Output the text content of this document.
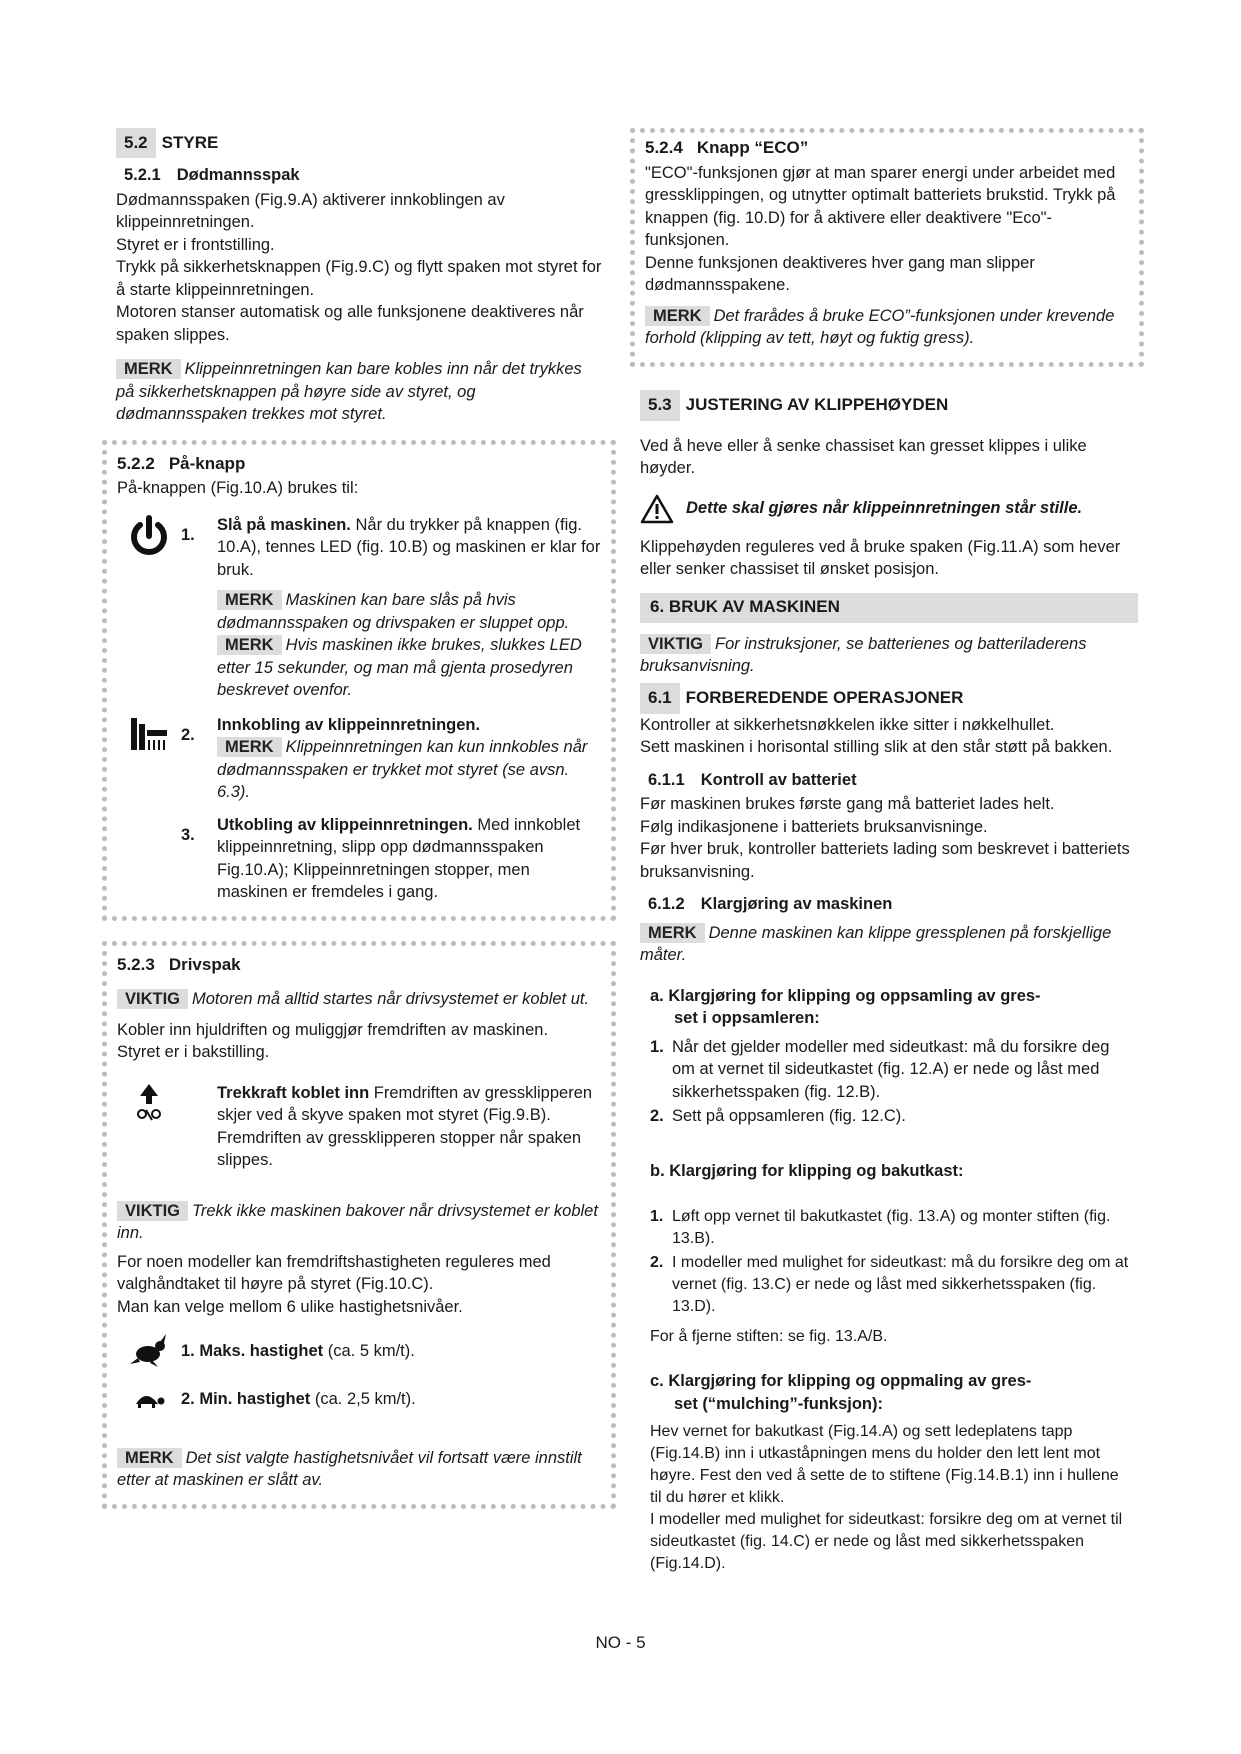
5.2 STYRE
5.2.1 Dødmannsspak

Dødmannsspaken (Fig.9.A) aktiverer innkoblingen av klippeinnretningen.

Styret er i frontstilling.

Trykk på sikkerhetsknappen (Fig.9.C) og flytt spaken mot styret for å starte klippeinnretningen.

Motoren stanser automatisk og alle funksjonene deaktiveres når spaken slippes.

MERK Klippeinnretningen kan bare kobles inn når det trykkes på sikkerhetsknappen på høyre side av styret, og dødmannsspaken trekkes mot styret.

5.2.2 På-knapp

På-knappen (Fig.10.A) brukes til:

1.
Slå på maskinen. Når du trykker på knappen (fig. 10.A), tennes LED (fig. 10.B) og maskinen er klar for bruk.

MERK Maskinen kan bare slås på hvis dødmannsspaken og drivspaken er sluppet opp.

MERK Hvis maskinen ikke brukes, slukkes LED etter 15 sekunder, og man må gjenta prosedyren beskrevet ovenfor.

2.
Innkobling av klippeinnretningen.

MERK Klippeinnretningen kan kun innkobles når dødmannsspaken er trykket mot styret (se avsn. 6.3).

3.
Utkobling av klippeinnretningen. Med innkoblet klippeinnretning, slipp opp dødmannsspaken Fig.10.A); Klippeinnretningen stopper, men maskinen er fremdeles i gang.
5.2.3 Drivspak

VIKTIG Motoren må alltid startes når drivsystemet er koblet ut.

Kobler inn hjuldriften og muliggjør fremdriften av maskinen.

Styret er i bakstilling.

Trekkraft koblet inn Fremdriften av gressklipperen skjer ved å skyve spaken mot styret (Fig.9.B). Fremdriften av gressklipperen stopper når spaken slippes.

VIKTIG Trekk ikke maskinen bakover når drivsystemet er koblet inn.

For noen modeller kan fremdriftshastigheten reguleres med valghåndtaket til høyre på styret (Fig.10.C).

Man kan velge mellom 6 ulike hastighetsnivåer.

1. Maks. hastighet (ca. 5 km/t).
2. Min. hastighet (ca. 2,5 km/t).

MERK Det sist valgte hastighetsnivået vil fortsatt være innstilt etter at maskinen er slått av.

5.2.4 Knapp “ECO”

"ECO"-funksjonen gjør at man sparer energi under arbeidet med gressklippingen, og utnytter optimalt batteriets brukstid. Trykk på knappen (fig. 10.D) for å aktivere eller deaktivere "Eco"-funksjonen.

Denne funksjonen deaktiveres hver gang man slipper dødmannsspakene.

MERK Det frarådes å bruke ECO”-funksjonen under krevende forhold (klipping av tett, høyt og fuktig gress).

5.3 JUSTERING AV KLIPPEHØYDEN

Ved å heve eller å senke chassiset kan gresset klippes i ulike høyder.

Dette skal gjøres når klippeinnretningen står stille.

Klippehøyden reguleres ved å bruke spaken (Fig.11.A) som hever eller senker chassiset til ønsket posisjon.

6. BRUK AV MASKINEN

VIKTIG For instruksjoner, se batterienes og batteriladerens bruksanvisning.

6.1 FORBEREDENDE OPERASJONER

Kontroller at sikkerhetsnøkkelen ikke sitter i nøkkelhullet.

Sett maskinen i horisontal stilling slik at den står støtt på bakken.

6.1.1 Kontroll av batteriet

Før maskinen brukes første gang må batteriet lades helt.

Følg indikasjonene i batteriets bruksanvisninge.

Før hver bruk, kontroller batteriets lading som beskrevet i batteriets bruksanvisning.

6.1.2 Klargjøring av maskinen

MERK Denne maskinen kan klippe gressplenen på forskjellige måter.

a. Klargjøring for klipping og oppsamling av gres-
set i oppsamleren:
1. Når det gjelder modeller med sideutkast: må du forsikre deg om at vernet til sideutkastet (fig. 12.A) er nede og låst med sikkerhetsspaken (fig. 12.B).
2. Sett på oppsamleren (fig. 12.C).
b. Klargjøring for klipping og bakutkast:
1. Løft opp vernet til bakutkastet (fig. 13.A) og monter stiften (fig. 13.B).
2. I modeller med mulighet for sideutkast: må du forsikre deg om at vernet (fig. 13.C) er nede og låst med sikkerhetsspaken (fig. 13.D).

For å fjerne stiften: se fig. 13.A/B.

c. Klargjøring for klipping og oppmaling av gres-
set (“mulching”-funksjon):

Hev vernet for bakutkast (Fig.14.A) og sett ledeplatens tapp (Fig.14.B) inn i utkaståpningen mens du holder den lett lent mot høyre. Fest den ved å sette de to stiftene (Fig.14.B.1) inn i hullene til du hører et klikk.

I modeller med mulighet for sideutkast: forsikre deg om at vernet til sideutkastet (fig. 14.C) er nede og låst med sikkerhetsspaken (Fig.14.D).

NO - 5
